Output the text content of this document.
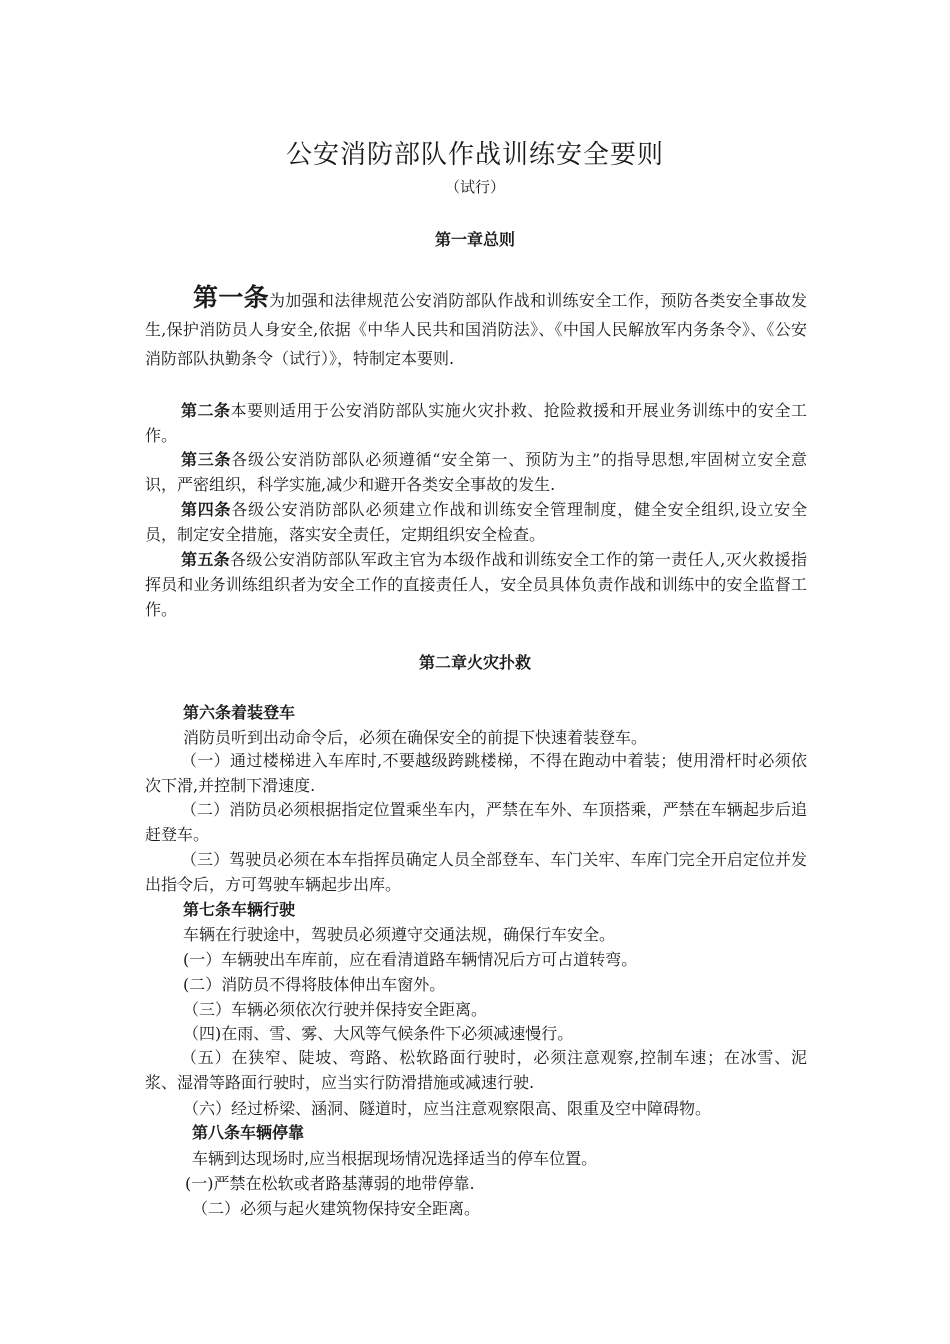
公安消防部队作战训练安全要则
（试行）
第一章总则
第一条为加强和法律规范公安消防部队作战和训练安全工作，预防各类安全事故发生,保护消防员人身安全,依据《中华人民共和国消防法》、《中国人民解放军内务条令》、《公安消防部队执勤条令（试行）》，特制定本要则.
第二条本要则适用于公安消防部队实施火灾扑救、抢险救援和开展业务训练中的安全工作。
第三条各级公安消防部队必须遵循“安全第一、预防为主”的指导思想,牢固树立安全意识，严密组织，科学实施,减少和避开各类安全事故的发生.
第四条各级公安消防部队必须建立作战和训练安全管理制度，健全安全组织,设立安全员，制定安全措施，落实安全责任，定期组织安全检查。
第五条各级公安消防部队军政主官为本级作战和训练安全工作的第一责任人,灭火救援指挥员和业务训练组织者为安全工作的直接责任人，安全员具体负责作战和训练中的安全监督工作。
第二章火灾扑救
第六条着装登车
消防员听到出动命令后，必须在确保安全的前提下快速着装登车。
（一）通过楼梯进入车库时,不要越级跨跳楼梯，不得在跑动中着装；使用滑杆时必须依次下滑,并控制下滑速度.
（二）消防员必须根据指定位置乘坐车内，严禁在车外、车顶搭乘，严禁在车辆起步后追赶登车。
（三）驾驶员必须在本车指挥员确定人员全部登车、车门关牢、车库门完全开启定位并发出指令后，方可驾驶车辆起步出库。
第七条车辆行驶
车辆在行驶途中，驾驶员必须遵守交通法规，确保行车安全。
(一）车辆驶出车库前，应在看清道路车辆情况后方可占道转弯。
(二）消防员不得将肢体伸出车窗外。
（三）车辆必须依次行驶并保持安全距离。
（四)在雨、雪、雾、大风等气候条件下必须减速慢行。
（五）在狭窄、陡坡、弯路、松软路面行驶时，必须注意观察,控制车速；在冰雪、泥浆、湿滑等路面行驶时，应当实行防滑措施或减速行驶.
（六）经过桥梁、涵洞、隧道时，应当注意观察限高、限重及空中障碍物。
第八条车辆停靠
车辆到达现场时,应当根据现场情况选择适当的停车位置。
(一)严禁在松软或者路基薄弱的地带停靠.
（二）必须与起火建筑物保持安全距离。
